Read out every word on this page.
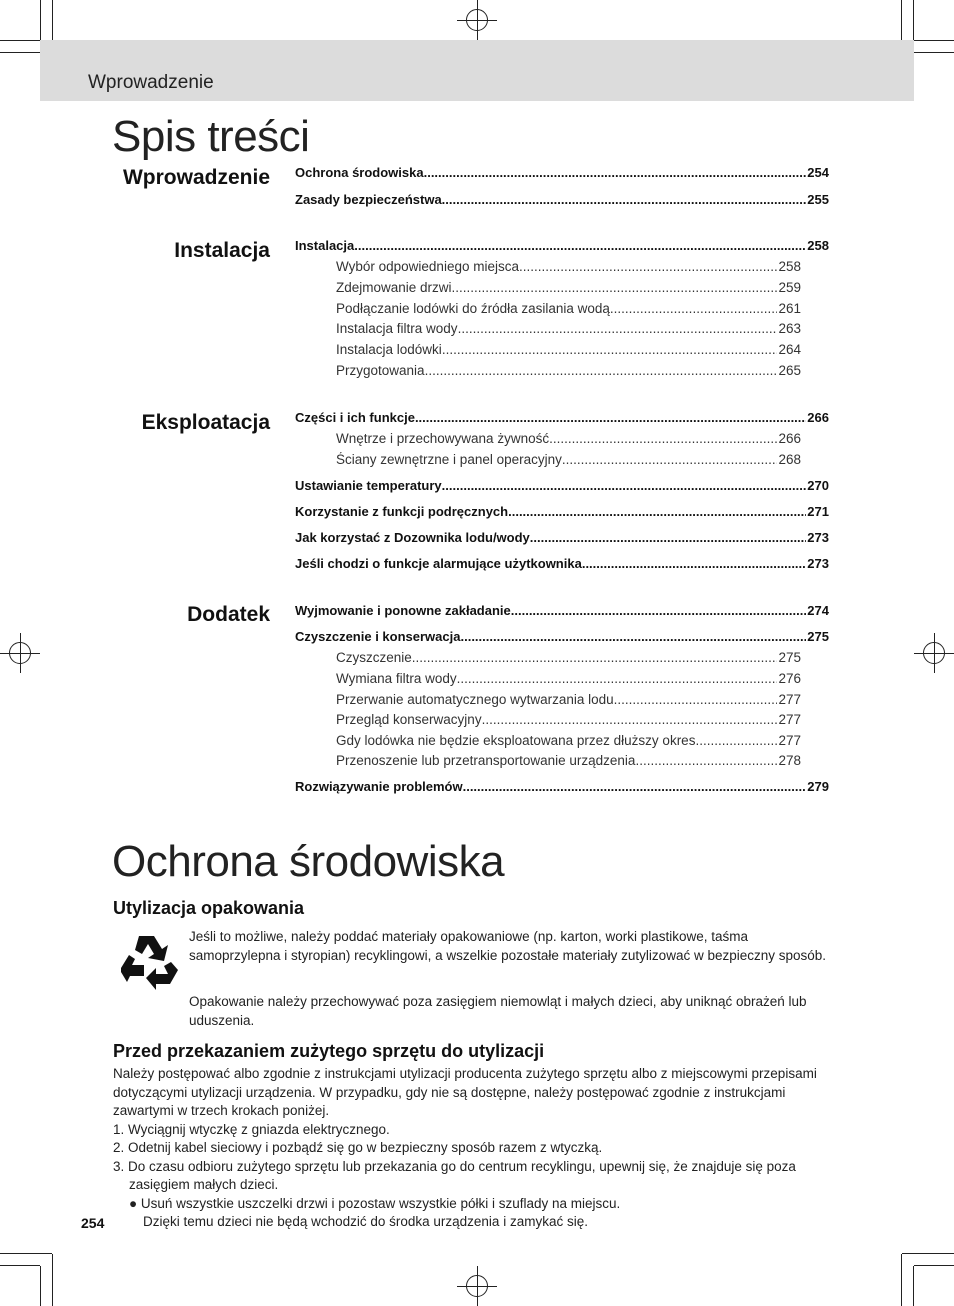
Wprowadzenie
Spis treści
Wprowadzenie
Instalacja
Eksploatacja
Dodatek
Ochrona środowiska .....	254
Zasady bezpieczeństwa .....	255
Instalacja .....	258
Wybór odpowiedniego miejsca .....	258
Zdejmowanie drzwi .....	259
Podłączanie lodówki do źródła zasilania wodą .....	261
Instalacja filtra wody .....	263
Instalacja lodówki .....	264
Przygotowania .....	265
Części i ich funkcje .....	266
Wnętrze i przechowywana żywność .....	266
Ściany zewnętrzne i panel operacyjny .....	268
Ustawianie temperatury .....	270
Korzystanie z funkcji podręcznych .....	271
Jak korzystać z Dozownika lodu/wody .....	273
Jeśli chodzi o funkcje alarmujące użytkownika .....	273
Wyjmowanie i ponowne zakładanie .....	274
Czyszczenie i konserwacja .....	275
Czyszczenie .....	275
Wymiana filtra wody .....	276
Przerwanie automatycznego wytwarzania lodu .....	277
Przegląd konserwacyjny .....	277
Gdy lodówka nie będzie eksploatowana przez dłuższy okres .....	277
Przenoszenie lub przetransportowanie urządzenia .....	278
Rozwiązywanie problemów .....	279
Ochrona środowiska
Utylizacja opakowania

Jeśli to możliwe, należy poddać materiały opakowaniowe (np. karton, worki plastikowe, taśma samoprzylepna i styropian) recyklingowi, a wszelkie pozostałe materiały zutylizować w bezpieczny sposób.

Opakowanie należy przechowywać poza zasięgiem niemowląt i małych dzieci, aby uniknąć obrażeń lub uduszenia.

Przed przekazaniem zużytego sprzętu do utylizacji

Należy postępować albo zgodnie z instrukcjami utylizacji producenta zużytego sprzętu albo z miejscowymi przepisami dotyczącymi utylizacji urządzenia. W przypadku, gdy nie są dostępne, należy postępować zgodnie z instrukcjami zawartymi w trzech krokach poniżej.

1. Wyciągnij wtyczkę z gniazda elektrycznego.

2. Odetnij kabel sieciowy i pozbądź się go w bezpieczny sposób razem z wtyczką.

3. Do czasu odbioru zużytego sprzętu lub przekazania go do centrum recyklingu, upewnij się, że znajduje się poza

zasięgiem małych dzieci.

● Usuń wszystkie uszczelki drzwi i pozostaw wszystkie półki i szuflady na miejscu.

Dzięki temu dzieci nie będą wchodzić do środka urządzenia i zamykać się.

254
